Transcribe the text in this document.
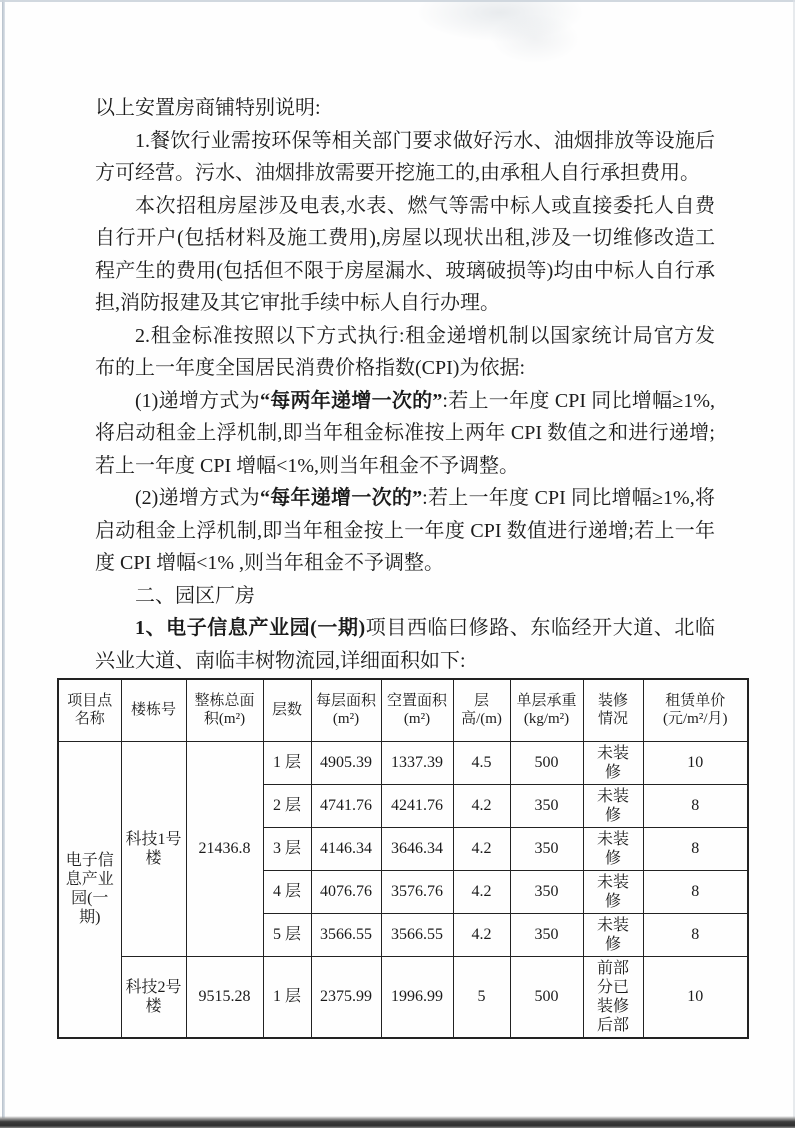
以上安置房商铺特别说明:

1.餐饮行业需按环保等相关部门要求做好污水、油烟排放等设施后方可经营。污水、油烟排放需要开挖施工的,由承租人自行承担费用。

本次招租房屋涉及电表,水表、燃气等需中标人或直接委托人自费自行开户(包括材料及施工费用),房屋以现状出租,涉及一切维修改造工程产生的费用(包括但不限于房屋漏水、玻璃破损等)均由中标人自行承担,消防报建及其它审批手续中标人自行办理。

2.租金标准按照以下方式执行:租金递增机制以国家统计局官方发布的上一年度全国居民消费价格指数(CPI)为依据:

(1)递增方式为“每两年递增一次的”:若上一年度 CPI 同比增幅≥1%,将启动租金上浮机制,即当年租金标准按上两年 CPI 数值之和进行递增;若上一年度 CPI 增幅<1%,则当年租金不予调整。

(2)递增方式为“每年递增一次的”:若上一年度 CPI 同比增幅≥1%,将启动租金上浮机制,即当年租金按上一年度 CPI 数值进行递增;若上一年度 CPI 增幅<1% ,则当年租金不予调整。

二、园区厂房

1、电子信息产业园(一期)项目西临曰修路、东临经开大道、北临兴业大道、南临丰树物流园,详细面积如下:

项目点名称	楼栋号	整栋总面积(m²)	层数	每层面积(m²)	空置面积(m²)	层高/(m)	单层承重(kg/m²)	装修情况	租赁单价(元/m²/月)
电子信息产业园(一期)	科技1号楼	21436.8	1 层	4905.39	1337.39	4.5	500	未装修	10
			2 层	4741.76	4241.76	4.2	350	未装修	8
			3 层	4146.34	3646.34	4.2	350	未装修	8
			4 层	4076.76	3576.76	4.2	350	未装修	8
			5 层	3566.55	3566.55	4.2	350	未装修	8
	科技2号楼	9515.28	1 层	2375.99	1996.99	5	500	前部分已装修后部	10
